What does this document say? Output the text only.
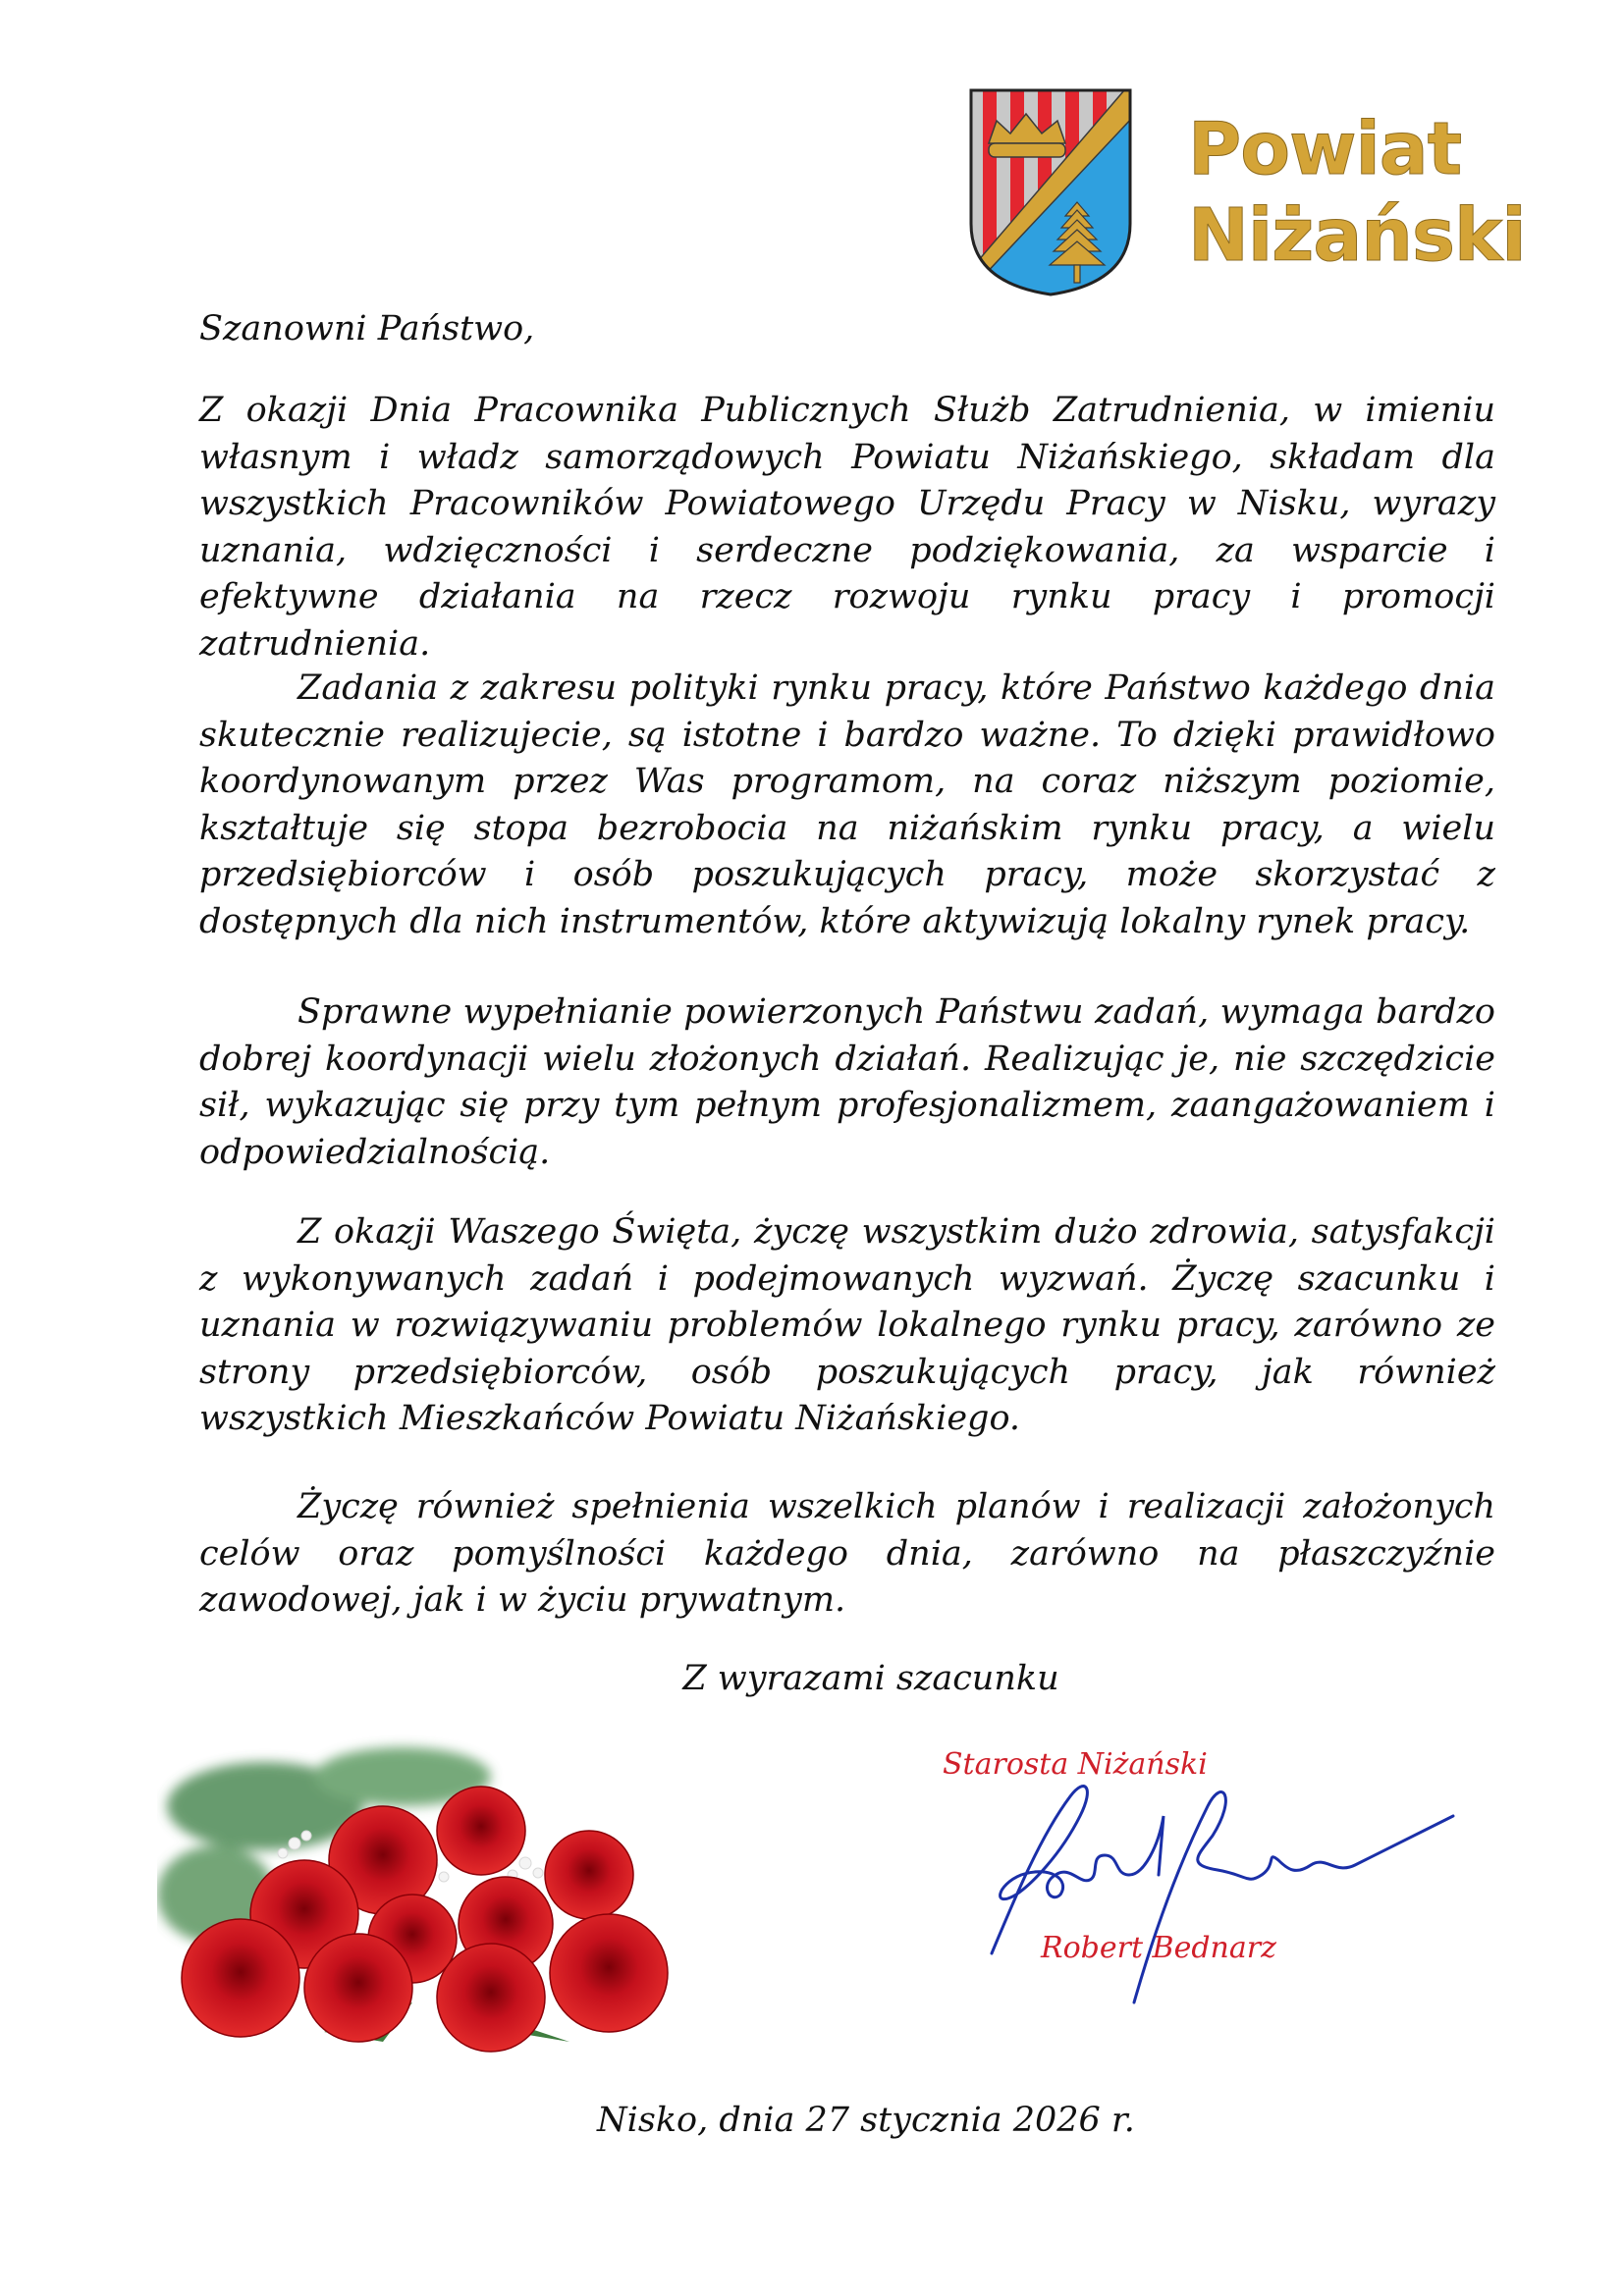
Powiat
Niżański
Szanowni Państwo,
Z okazji Dnia Pracownika Publicznych Służb Zatrudnienia, w imieniu własnym i władz samorządowych Powiatu Niżańskiego, składam dla wszystkich Pracowników Powiatowego Urzędu Pracy w Nisku, wyrazy uznania, wdzięczności i serdeczne podziękowania, za wsparcie i efektywne działania na rzecz rozwoju rynku pracy i promocji zatrudnienia.
Zadania z zakresu polityki rynku pracy, które Państwo każdego dnia skutecznie realizujecie, są istotne i bardzo ważne. To dzięki prawidłowo koordynowanym przez Was programom, na coraz niższym poziomie, kształtuje się stopa bezrobocia na niżańskim rynku pracy, a wielu przedsiębiorców i osób poszukujących pracy, może skorzystać z dostępnych dla nich instrumentów, które aktywizują lokalny rynek pracy.
Sprawne wypełnianie powierzonych Państwu zadań, wymaga bardzo dobrej koordynacji wielu złożonych działań. Realizując je, nie szczędzicie sił, wykazując się przy tym pełnym profesjonalizmem, zaangażowaniem i odpowiedzialnością.
Z okazji Waszego Święta, życzę wszystkim dużo zdrowia, satysfakcji z wykonywanych zadań i podejmowanych wyzwań. Życzę szacunku i uznania w rozwiązywaniu problemów lokalnego rynku pracy, zarówno ze strony przedsiębiorców, osób poszukujących pracy, jak również wszystkich Mieszkańców Powiatu Niżańskiego.
Życzę również spełnienia wszelkich planów i realizacji założonych celów oraz pomyślności każdego dnia, zarówno na płaszczyźnie zawodowej, jak i w życiu prywatnym.
Z wyrazami szacunku
Starosta Niżański
Robert Bednarz
Nisko, dnia 27 stycznia 2026 r.
